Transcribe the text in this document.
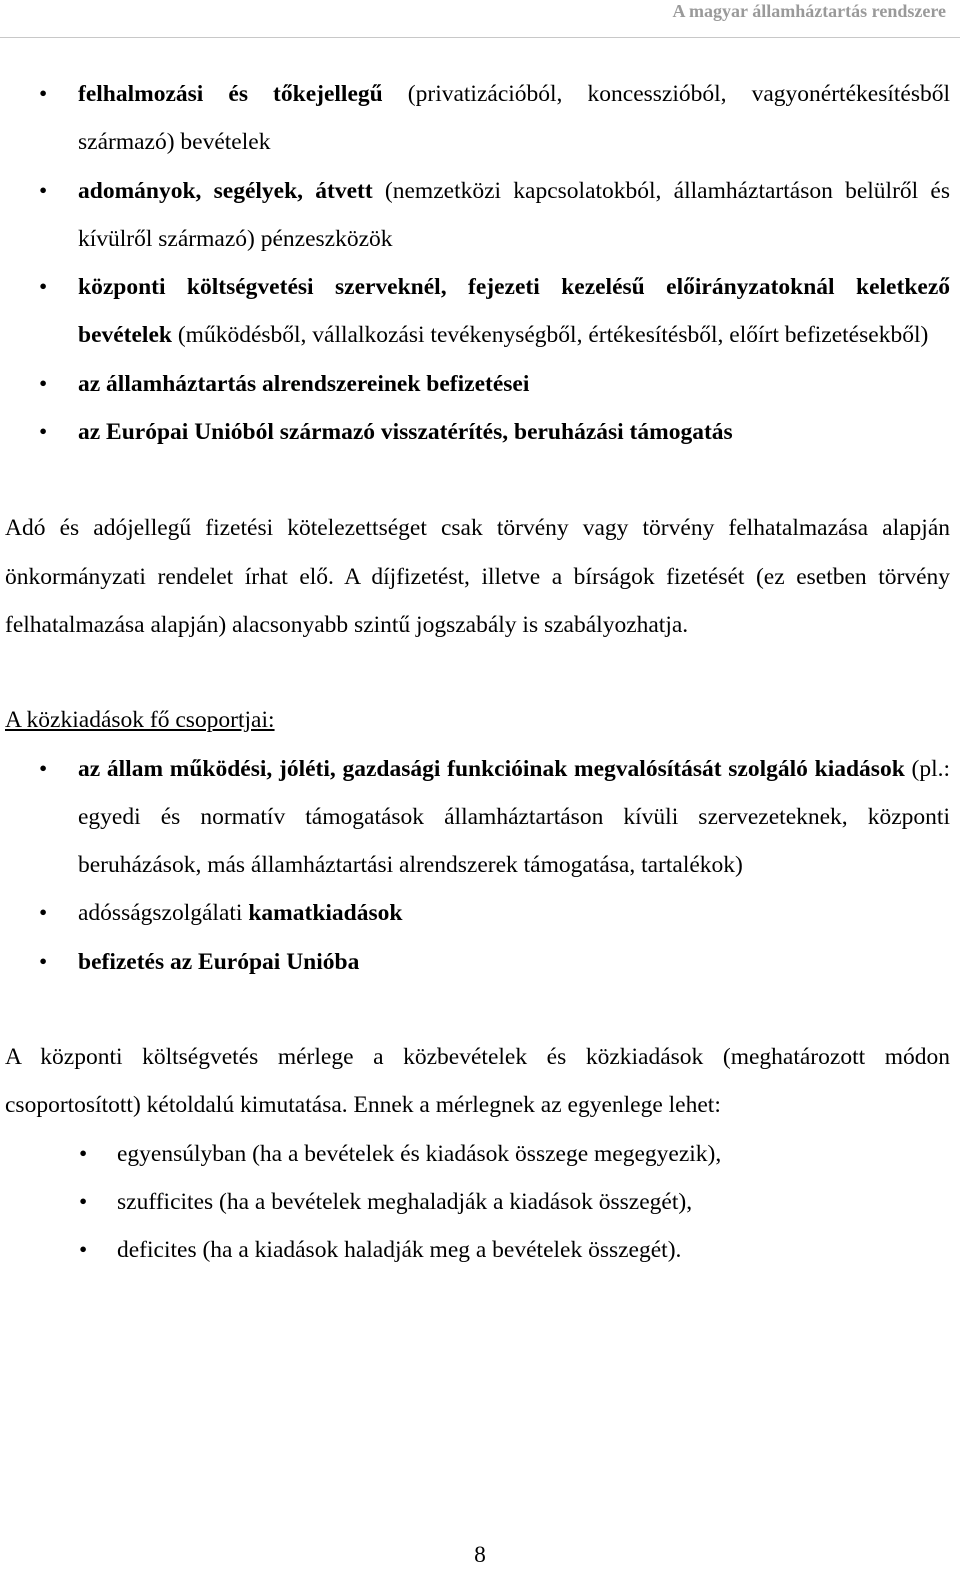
A magyar államháztartás rendszere
• felhalmozási és tőkejellegű (privatizációból, koncesszióból, vagyonértékesítésből származó) bevételek
• adományok, segélyek, átvett (nemzetközi kapcsolatokból, államháztartáson belülről és kívülről származó) pénzeszközök
• központi költségvetési szerveknél, fejezeti kezelésű előirányzatoknál keletkező bevételek (működésből, vállalkozási tevékenységből, értékesítésből, előírt befizetésekből)
• az államháztartás alrendszereinek befizetései
• az Európai Unióból származó visszatérítés, beruházási támogatás

Adó és adójellegű fizetési kötelezettséget csak törvény vagy törvény felhatalmazása alapján önkormányzati rendelet írhat elő. A díjfizetést, illetve a bírságok fizetését (ez esetben törvény felhatalmazása alapján) alacsonyabb szintű jogszabály is szabályozhatja.

A közkiadások fő csoportjai:

• az állam működési, jóléti, gazdasági funkcióinak megvalósítását szolgáló kiadások (pl.: egyedi és normatív támogatások államháztartáson kívüli szervezeteknek, központi beruházások, más államháztartási alrendszerek támogatása, tartalékok)
• adósságszolgálati kamatkiadások
• befizetés az Európai Unióba

A központi költségvetés mérlege a közbevételek és közkiadások (meghatározott módon csoportosított) kétoldalú kimutatása. Ennek a mérlegnek az egyenlege lehet:

• egyensúlyban (ha a bevételek és kiadások összege megegyezik),
• szufficites (ha a bevételek meghaladják a kiadások összegét),
• deficites (ha a kiadások haladják meg a bevételek összegét).
8
